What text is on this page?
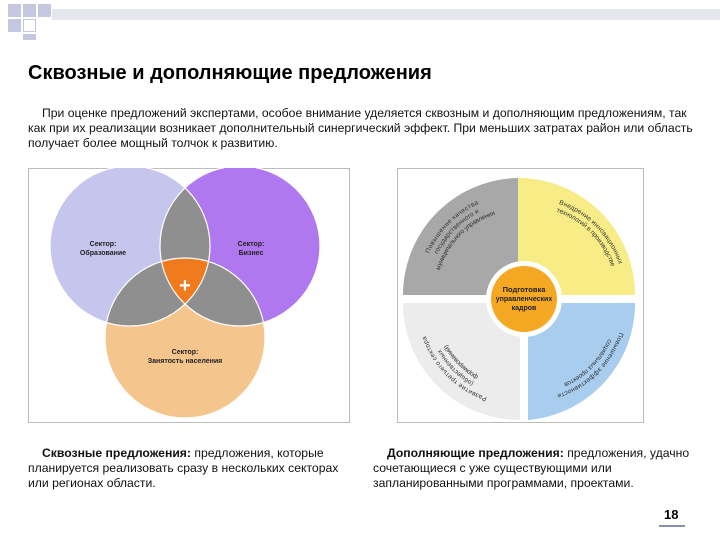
Сквозные и дополняющие предложения

При оценке предложений экспертами, особое внимание уделяется сквозным и дополняющим предложениям, так как при их реализации возникает дополнительный синергический эффект. При меньших затратах район или область получает более мощный толчок к развитию.

+
Сектор:
Образование
Сектор:
Бизнес
Сектор:
Занятость населения
Подготовка
управленческих
кадров
Повышение качества
государственного и
муниципального управления
Внедрение инновационных
технологий в производстве
Повышение эффективности
социальных проектов
Развитие третьего сектора
(общественных
формирований)

Сквозные предложения: предложения, которые планируется реализовать сразу в нескольких секторах или регионах области.

Дополняющие предложения: предложения, удачно сочетающиеся с уже существующими или запланированными программами, проектами.

18
